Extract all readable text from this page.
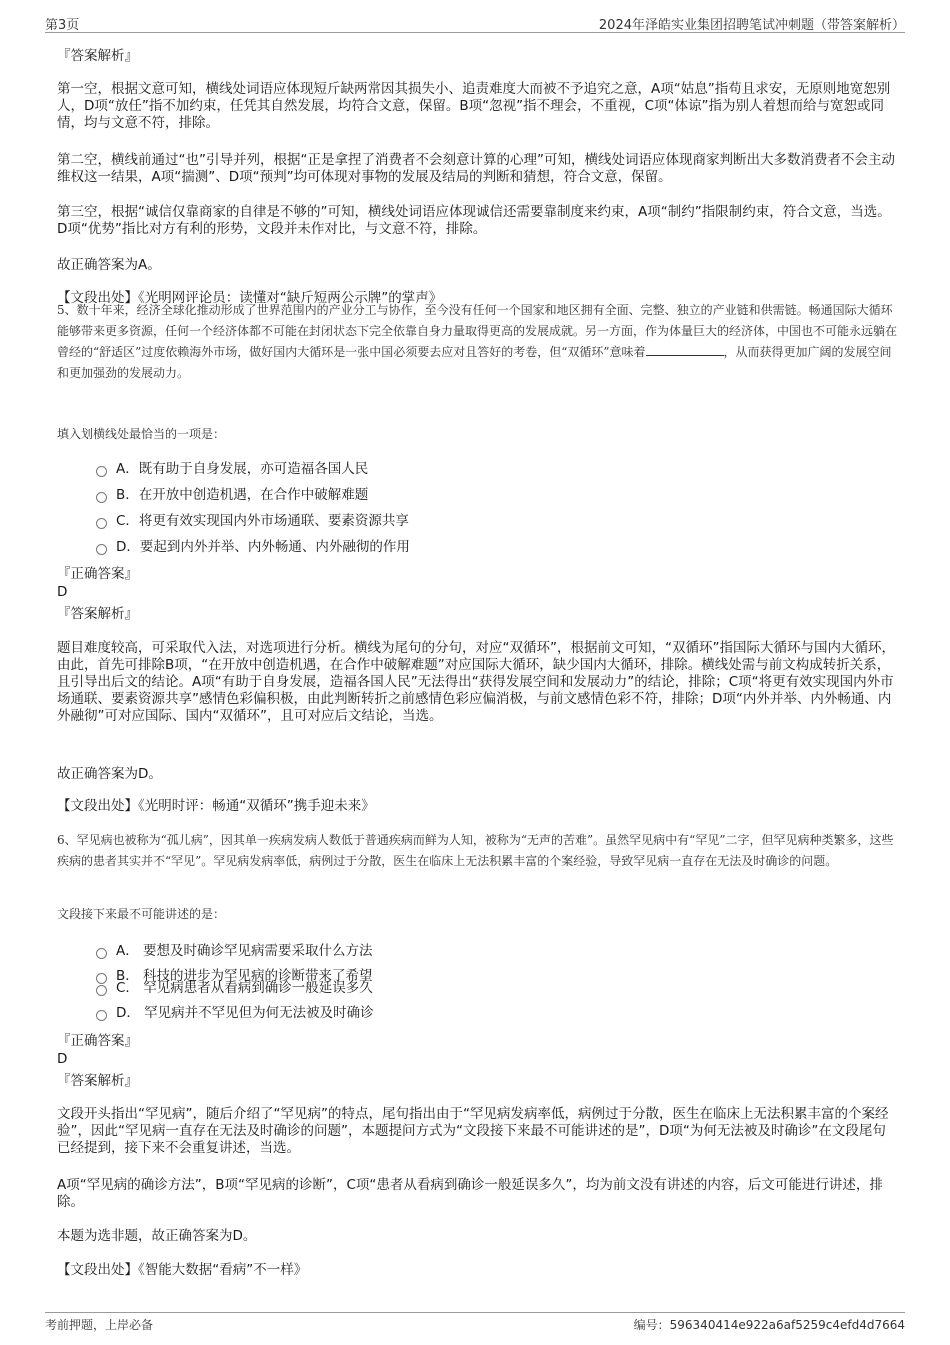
第3页	2024年泽皓实业集团招聘笔试冲刺题（带答案解析）
『答案解析』
第一空，根据文意可知，横线处词语应体现短斤缺两常因其损失小、追责难度大而被不予追究之意，A项“姑息”指苟且求安，无原则地宽恕别人，D项“放任”指不加约束，任凭其自然发展，均符合文意，保留。B项“忽视”指不理会，不重视，C项“体谅”指为别人着想而给与宽恕或同情，均与文意不符，排除。
第二空，横线前通过“也”引导并列，根据“正是拿捏了消费者不会刻意计算的心理”可知，横线处词语应体现商家判断出大多数消费者不会主动维权这一结果，A项“揣测”、D项“预判”均可体现对事物的发展及结局的判断和猜想，符合文意，保留。
第三空，根据“诚信仅靠商家的自律是不够的”可知，横线处词语应体现诚信还需要靠制度来约束，A项“制约”指限制约束，符合文意，当选。D项“优势”指比对方有利的形势，文段并未作对比，与文意不符，排除。
故正确答案为A。
【文段出处】《光明网评论员：读懂对“缺斤短两公示牌”的掌声》
5、数十年来，经济全球化推动形成了世界范围内的产业分工与协作，至今没有任何一个国家和地区拥有全面、完整、独立的产业链和供需链。畅通国际大循环能够带来更多资源，任何一个经济体都不可能在封闭状态下完全依靠自身力量取得更高的发展成就。另一方面，作为体量巨大的经济体，中国也不可能永远躺在曾经的“舒适区”过度依赖海外市场，做好国内大循环是一张中国必须要去应对且答好的考卷，但“双循环”意味着	，从而获得更加广阔的发展空间和更加强劲的发展动力。
填入划横线处最恰当的一项是：
A．既有助于自身发展，亦可造福各国人民
B．在开放中创造机遇，在合作中破解难题
C．将更有效实现国内外市场通联、要素资源共享
D．要起到内外并举、内外畅通、内外融彻的作用
『正确答案』
D
『答案解析』
题目难度较高，可采取代入法，对选项进行分析。横线为尾句的分句，对应“双循环”，根据前文可知，“双循环”指国际大循环与国内大循环，由此，首先可排除B项，“在开放中创造机遇，在合作中破解难题”对应国际大循环，缺少国内大循环，排除。横线处需与前文构成转折关系，且引导出后文的结论。A项“有助于自身发展，造福各国人民”无法得出“获得发展空间和发展动力”的结论，排除；C项“将更有效实现国内外市场通联、要素资源共享”感情色彩偏积极，由此判断转折之前感情色彩应偏消极，与前文感情色彩不符，排除；D项“内外并举、内外畅通、内外融彻”可对应国际、国内“双循环”，且可对应后文结论，当选。
故正确答案为D。
【文段出处】《光明时评：畅通“双循环”携手迎未来》
6、罕见病也被称为“孤儿病”，因其单一疾病发病人数低于普通疾病而鲜为人知，被称为“无声的苦难”。虽然罕见病中有“罕见”二字，但罕见病种类繁多，这些疾病的患者其实并不“罕见”。罕见病发病率低，病例过于分散，医生在临床上无法积累丰富的个案经验，导致罕见病一直存在无法及时确诊的问题。
文段接下来最不可能讲述的是：
A． 要想及时确诊罕见病需要采取什么方法
B． 科技的进步为罕见病的诊断带来了希望
C． 罕见病患者从看病到确诊一般延误多久
D． 罕见病并不罕见但为何无法被及时确诊
『正确答案』
D
『答案解析』
文段开头指出“罕见病”，随后介绍了“罕见病”的特点，尾句指出由于“罕见病发病率低，病例过于分散，医生在临床上无法积累丰富的个案经验”，因此“罕见病一直存在无法及时确诊的问题”，本题提问方式为“文段接下来最不可能讲述的是”，D项“为何无法被及时确诊”在文段尾句已经提到，接下来不会重复讲述，当选。
A项“罕见病的确诊方法”，B项“罕见病的诊断”，C项“患者从看病到确诊一般延误多久”，均为前文没有讲述的内容，后文可能进行讲述，排除。
本题为选非题，故正确答案为D。
【文段出处】《智能大数据“看病”不一样》
考前押题，上岸必备	编号：596340414e922a6af5259c4efd4d7664
